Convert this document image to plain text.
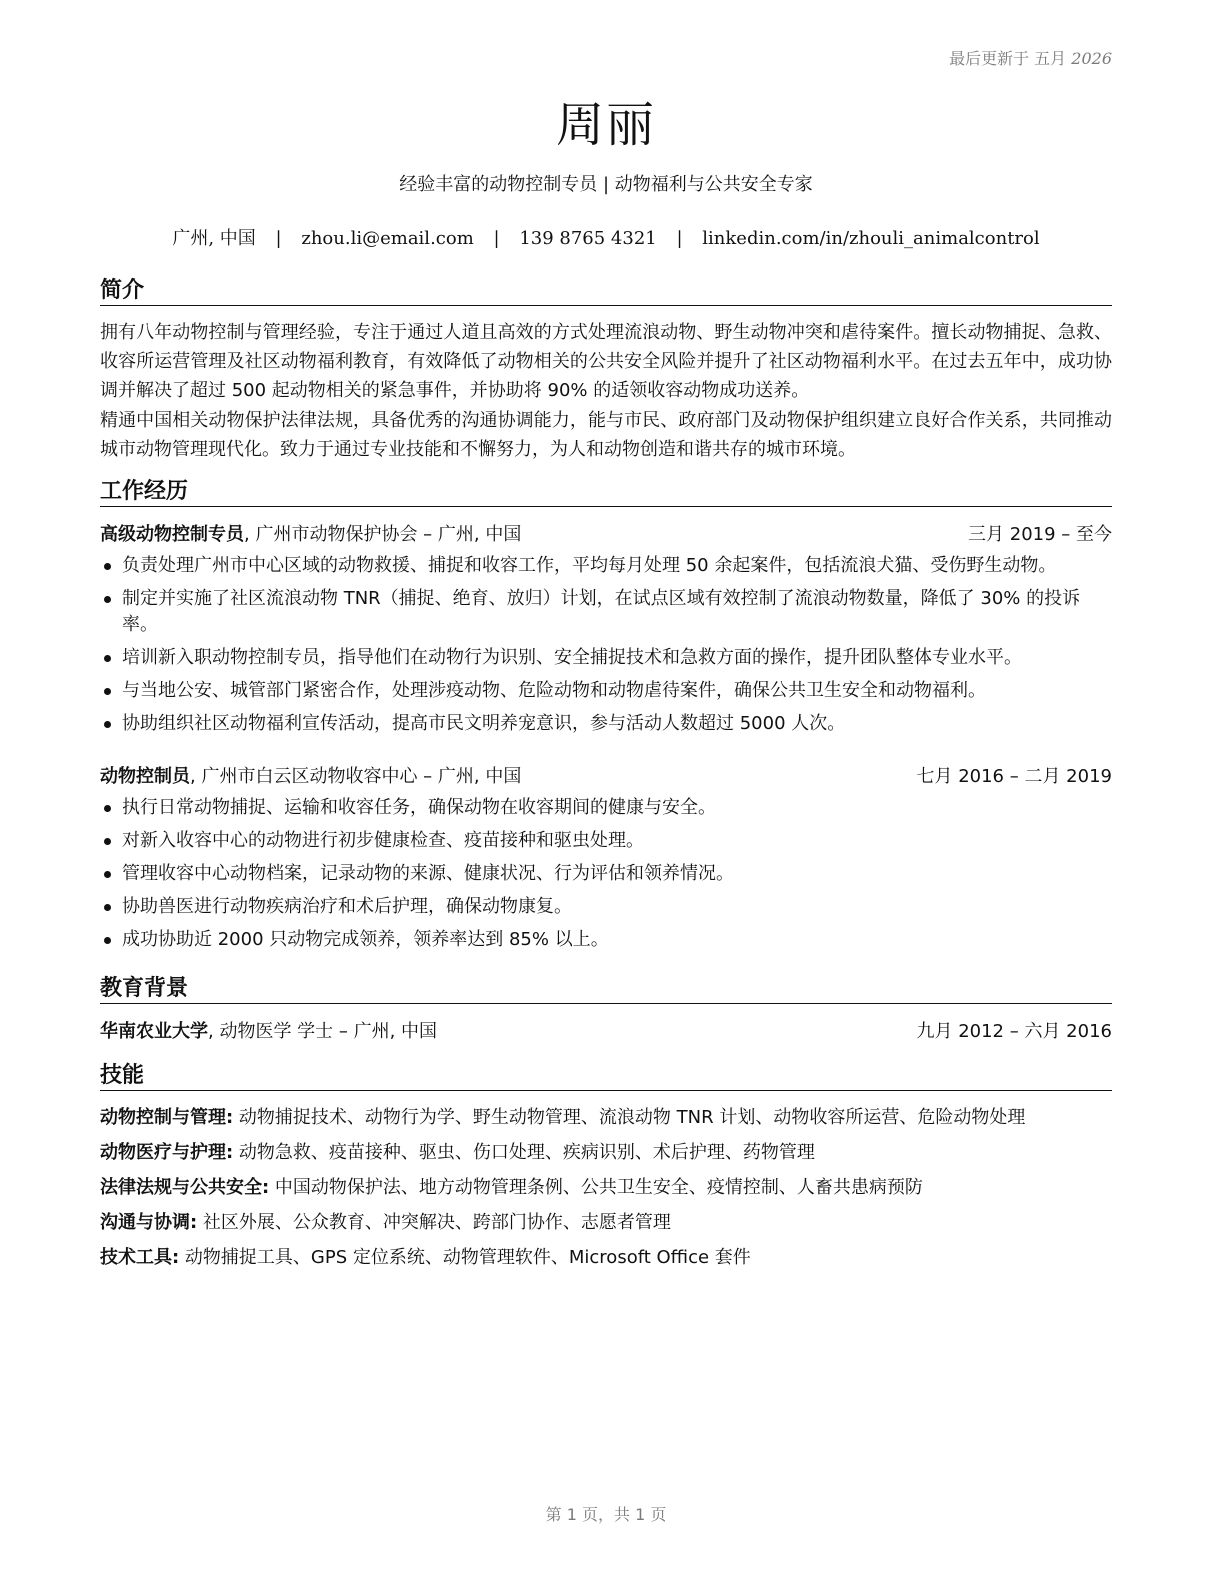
最后更新于 五月 2026
周丽
经验丰富的动物控制专员 | 动物福利与公共安全专家
广州, 中国 | zhou.li@email.com | 139 8765 4321 | linkedin.com/in/zhouli_animalcontrol
简介
拥有八年动物控制与管理经验，专注于通过人道且高效的方式处理流浪动物、野生动物冲突和虐待案件。擅长动物捕捉、急救、收容所运营管理及社区动物福利教育，有效降低了动物相关的公共安全风险并提升了社区动物福利水平。在过去五年中，成功协调并解决了超过 500 起动物相关的紧急事件，并协助将 90% 的适领收容动物成功送养。
精通中国相关动物保护法律法规，具备优秀的沟通协调能力，能与市民、政府部门及动物保护组织建立良好合作关系，共同推动城市动物管理现代化。致力于通过专业技能和不懈努力，为人和动物创造和谐共存的城市环境。
工作经历
高级动物控制专员, 广州市动物保护协会 – 广州, 中国	三月 2019 – 至今
负责处理广州市中心区域的动物救援、捕捉和收容工作，平均每月处理 50 余起案件，包括流浪犬猫、受伤野生动物。
制定并实施了社区流浪动物 TNR（捕捉、绝育、放归）计划，在试点区域有效控制了流浪动物数量，降低了 30% 的投诉率。
培训新入职动物控制专员，指导他们在动物行为识别、安全捕捉技术和急救方面的操作，提升团队整体专业水平。
与当地公安、城管部门紧密合作，处理涉疫动物、危险动物和动物虐待案件，确保公共卫生安全和动物福利。
协助组织社区动物福利宣传活动，提高市民文明养宠意识，参与活动人数超过 5000 人次。
动物控制员, 广州市白云区动物收容中心 – 广州, 中国	七月 2016 – 二月 2019
执行日常动物捕捉、运输和收容任务，确保动物在收容期间的健康与安全。
对新入收容中心的动物进行初步健康检查、疫苗接种和驱虫处理。
管理收容中心动物档案，记录动物的来源、健康状况、行为评估和领养情况。
协助兽医进行动物疾病治疗和术后护理，确保动物康复。
成功协助近 2000 只动物完成领养，领养率达到 85% 以上。
教育背景
华南农业大学, 动物医学 学士 – 广州, 中国	九月 2012 – 六月 2016
技能
动物控制与管理: 动物捕捉技术、动物行为学、野生动物管理、流浪动物 TNR 计划、动物收容所运营、危险动物处理
动物医疗与护理: 动物急救、疫苗接种、驱虫、伤口处理、疾病识别、术后护理、药物管理
法律法规与公共安全: 中国动物保护法、地方动物管理条例、公共卫生安全、疫情控制、人畜共患病预防
沟通与协调: 社区外展、公众教育、冲突解决、跨部门协作、志愿者管理
技术工具: 动物捕捉工具、GPS 定位系统、动物管理软件、Microsoft Office 套件
第 1 页，共 1 页
